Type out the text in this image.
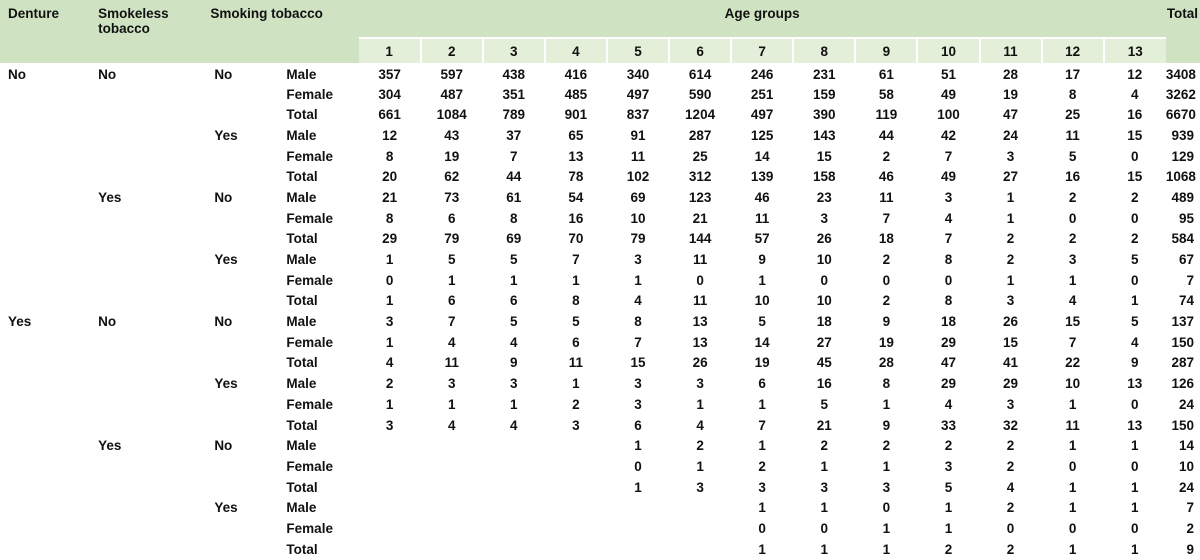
Denture	Smokeless tobacco	Smoking tobacco		Age groups													Total
				1	2	3	4	5	6	7	8	9	10	11	12	13	
No	No	No	Male	357	597	438	416	340	614	246	231	61	51	28	17	12	3408
			Female	304	487	351	485	497	590	251	159	58	49	19	8	4	3262
			Total	661	1084	789	901	837	1204	497	390	119	100	47	25	16	6670
		Yes	Male	12	43	37	65	91	287	125	143	44	42	24	11	15	939
			Female	8	19	7	13	11	25	14	15	2	7	3	5	0	129
			Total	20	62	44	78	102	312	139	158	46	49	27	16	15	1068
	Yes	No	Male	21	73	61	54	69	123	46	23	11	3	1	2	2	489
			Female	8	6	8	16	10	21	11	3	7	4	1	0	0	95
			Total	29	79	69	70	79	144	57	26	18	7	2	2	2	584
		Yes	Male	1	5	5	7	3	11	9	10	2	8	2	3	5	67
			Female	0	1	1	1	1	0	1	0	0	0	1	1	0	7
			Total	1	6	6	8	4	11	10	10	2	8	3	4	1	74
Yes	No	No	Male	3	7	5	5	8	13	5	18	9	18	26	15	5	137
			Female	1	4	4	6	7	13	14	27	19	29	15	7	4	150
			Total	4	11	9	11	15	26	19	45	28	47	41	22	9	287
		Yes	Male	2	3	3	1	3	3	6	16	8	29	29	10	13	126
			Female	1	1	1	2	3	1	1	5	1	4	3	1	0	24
			Total	3	4	4	3	6	4	7	21	9	33	32	11	13	150
	Yes	No	Male					1	2	1	2	2	2	2	1	1	14
			Female					0	1	2	1	1	3	2	0	0	10
			Total					1	3	3	3	3	5	4	1	1	24
		Yes	Male							1	1	0	1	2	1	1	7
			Female							0	0	1	1	0	0	0	2
			Total							1	1	1	2	2	1	1	9
